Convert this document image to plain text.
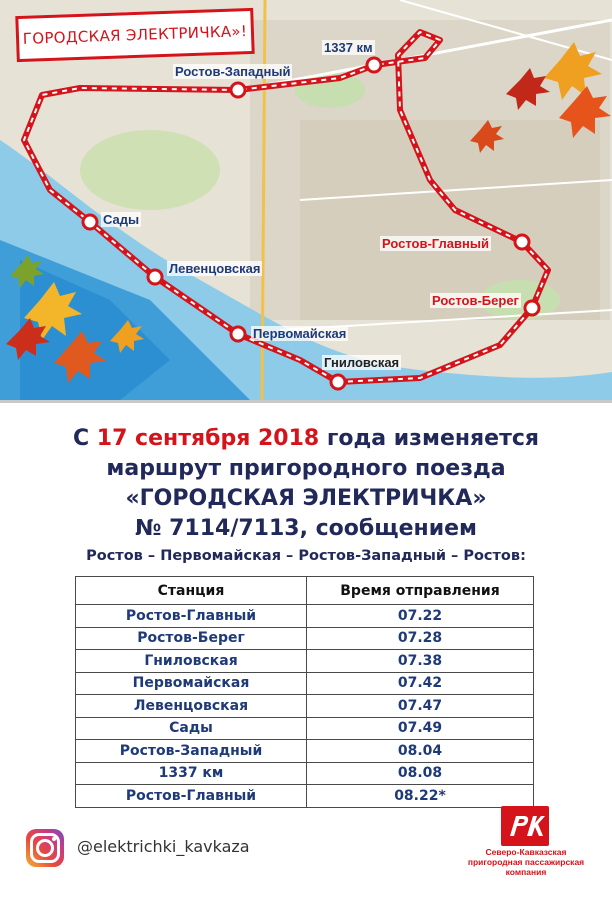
ГОРОДСКАЯ ЭЛЕКТРИЧКА»!	1337 км
Ростов-Западный
Сады
Левенцовская
Первомайская
Гниловская
Ростов-Главный
Ростов-Берег
С 17 сентября 2018 года изменяется
маршрут пригородного поезда
«ГОРОДСКАЯ ЭЛЕКТРИЧКА»
№ 7114/7113, сообщением
Ростов – Первомайская – Ростов-Западный – Ростов:
Станция	Время отправления
Ростов-Главный	07.22
Ростов-Берег	07.28
Гниловская	07.38
Первомайская	07.42
Левенцовская	07.47
Сады	07.49
Ростов-Западный	08.04
1337 км	08.08
Ростов-Главный	08.22*
@elektrichki_kavkaza	Северо-Кавказская
пригородная пассажирская
компания
